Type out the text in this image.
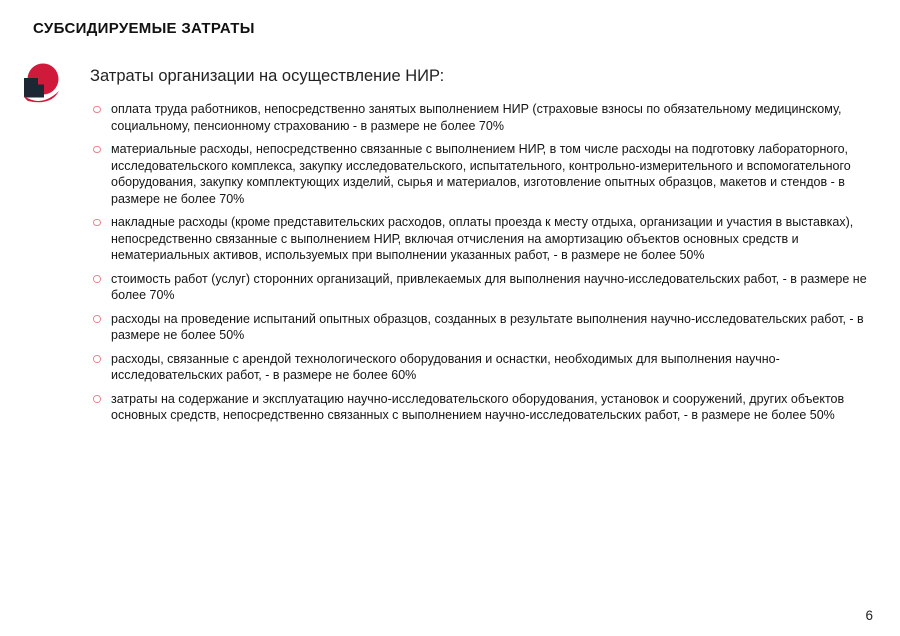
СУБСИДИРУЕМЫЕ ЗАТРАТЫ

Затраты организации на осуществление НИР:

оплата труда работников, непосредственно занятых выполнением НИР (страховые взносы по обязательному медицинскому, социальному, пенсионному страхованию - в размере не более 70%
материальные расходы, непосредственно связанные с выполнением НИР, в том числе расходы на подготовку лабораторного, исследовательского комплекса, закупку исследовательского, испытательного, контрольно-измерительного и вспомогательного оборудования, закупку комплектующих изделий, сырья и материалов, изготовление опытных образцов, макетов и стендов - в размере не более 70%
накладные расходы (кроме представительских расходов, оплаты проезда к месту отдыха, организации и участия в выставках), непосредственно связанные с выполнением НИР, включая отчисления на амортизацию объектов основных средств и нематериальных активов, используемых при выполнении указанных работ, - в размере не более 50%
стоимость работ (услуг) сторонних организаций, привлекаемых для выполнения научно-исследовательских работ, - в размере не более 70%
расходы на проведение испытаний опытных образцов, созданных в результате выполнения научно-исследовательских работ, - в размере не более 50%
расходы, связанные с арендой технологического оборудования и оснастки, необходимых для выполнения научно-исследовательских работ, - в размере не более 60%
затраты на содержание и эксплуатацию научно-исследовательского оборудования, установок и сооружений, других объектов основных средств, непосредственно связанных с выполнением научно-исследовательских работ, - в размере не более 50%
6
